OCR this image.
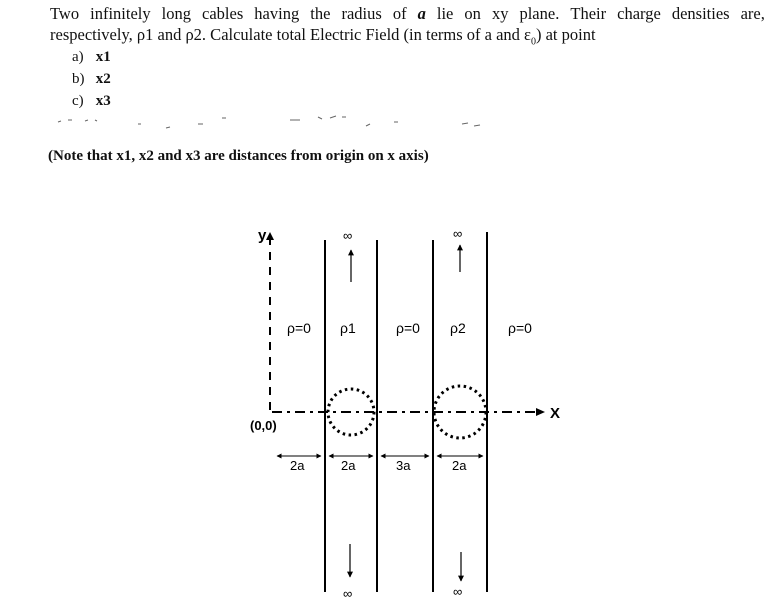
Two infinitely long cables having the radius of a lie on xy plane. Their charge densities are,
respectively, ρ1 and ρ2. Calculate total Electric Field (in terms of a and $\varepsilon_0$) at point
a) x1
b) x2
c) x3
(Note that x1, x2 and x3 are distances from origin on x axis)
y
X
(0,0)
∞	∞
∞	∞
ρ=0 ρ1	ρ=0 ρ2	ρ=0
2a	2a	3a	2a
